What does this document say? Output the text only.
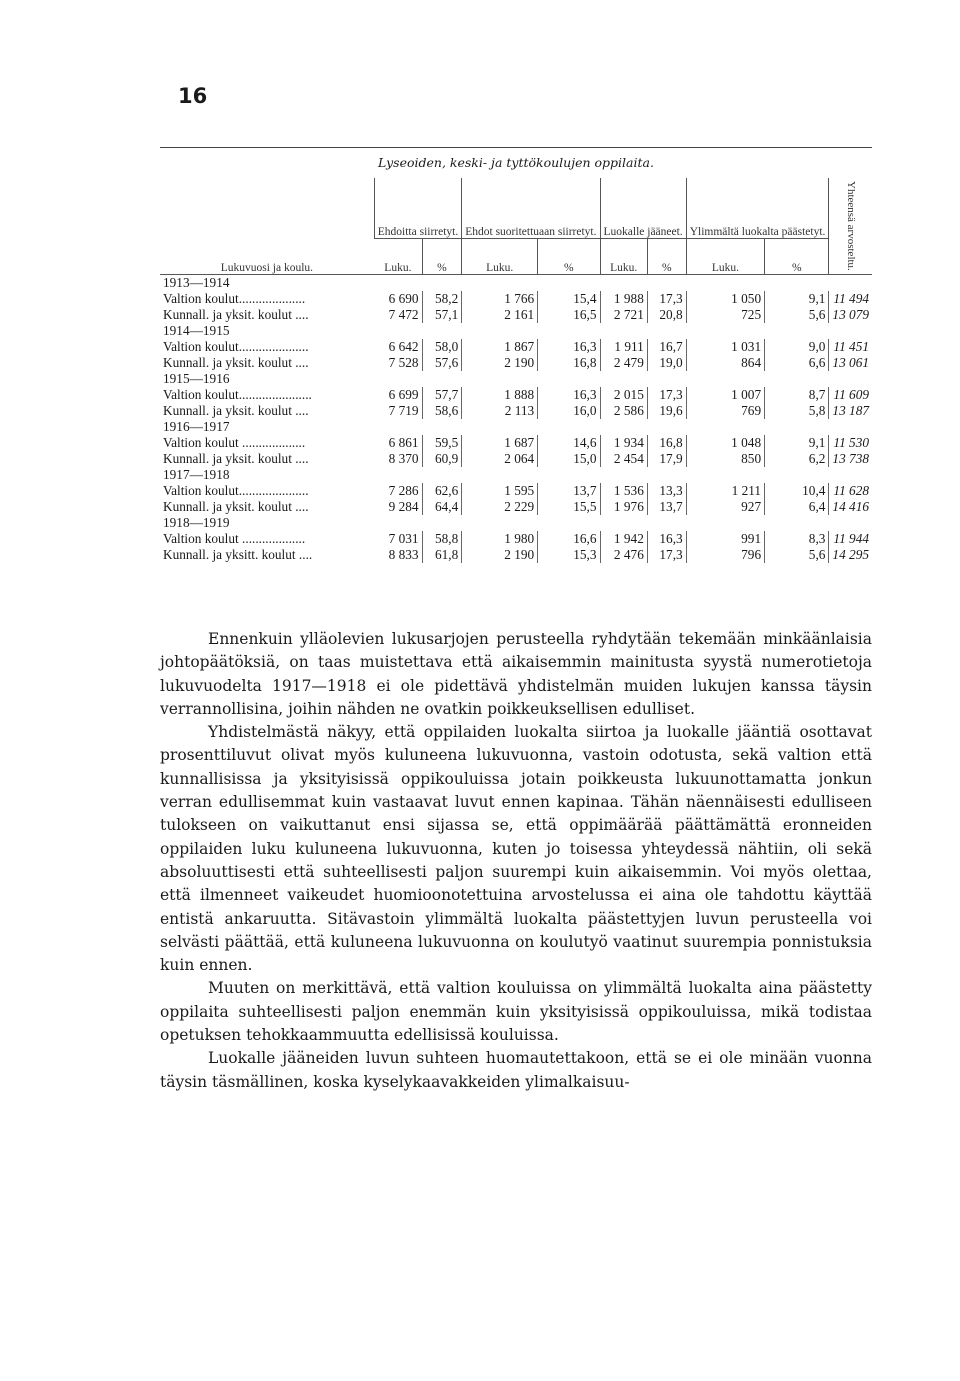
16
Lyseoiden, keski- ja tyttökoulujen oppilaita.
Lukuvuosi ja koulu.	Ehdoitta siirretyt.		Ehdot suoritettuaan siirretyt.		Luokalle jääneet.		Ylimmältä luokalta päästetyt.		Yhteensä arvosteltu.
	Luku.	%	Luku.	%	Luku.	%	Luku.	%	
1913—1914									
Valtion koulut....................	6 690	58,2	1 766	15,4	1 988	17,3	1 050	9,1	11 494
Kunnall. ja yksit. koulut ....	7 472	57,1	2 161	16,5	2 721	20,8	725	5,6	13 079
1914—1915									
Valtion koulut.....................	6 642	58,0	1 867	16,3	1 911	16,7	1 031	9,0	11 451
Kunnall. ja yksit. koulut ....	7 528	57,6	2 190	16,8	2 479	19,0	864	6,6	13 061
1915—1916									
Valtion koulut......................	6 699	57,7	1 888	16,3	2 015	17,3	1 007	8,7	11 609
Kunnall. ja yksit. koulut ....	7 719	58,6	2 113	16,0	2 586	19,6	769	5,8	13 187
1916—1917									
Valtion koulut ...................	6 861	59,5	1 687	14,6	1 934	16,8	1 048	9,1	11 530
Kunnall. ja yksit. koulut ....	8 370	60,9	2 064	15,0	2 454	17,9	850	6,2	13 738
1917—1918									
Valtion koulut.....................	7 286	62,6	1 595	13,7	1 536	13,3	1 211	10,4	11 628
Kunnall. ja yksit. koulut ....	9 284	64,4	2 229	15,5	1 976	13,7	927	6,4	14 416
1918—1919									
Valtion koulut ...................	7 031	58,8	1 980	16,6	1 942	16,3	991	8,3	11 944
Kunnall. ja yksitt. koulut ....	8 833	61,8	2 190	15,3	2 476	17,3	796	5,6	14 295

Ennenkuin ylläolevien lukusarjojen perusteella ryhdytään tekemään minkäänlaisia johtopäätöksiä, on taas muistettava että aikaisemmin mainitusta syystä numerotietoja lukuvuodelta 1917—1918 ei ole pidettävä yhdistelmän muiden lukujen kanssa täysin verrannollisina, joihin nähden ne ovatkin poikkeuksellisen edulliset.

Yhdistelmästä näkyy, että oppilaiden luokalta siirtoa ja luokalle jääntiä osottavat prosenttiluvut olivat myös kuluneena lukuvuonna, vastoin odotusta, sekä valtion että kunnallisissa ja yksityisissä oppikouluissa jotain poikkeusta lukuunottamatta jonkun verran edullisemmat kuin vastaavat luvut ennen kapinaa. Tähän näennäisesti edulliseen tulokseen on vaikuttanut ensi sijassa se, että oppimäärää päättämättä eronneiden oppilaiden luku kuluneena lukuvuonna, kuten jo toisessa yhteydessä nähtiin, oli sekä absoluuttisesti että suhteellisesti paljon suurempi kuin aikaisemmin. Voi myös olettaa, että ilmenneet vaikeudet huomioonotettuina arvostelussa ei aina ole tahdottu käyttää entistä ankaruutta. Sitävastoin ylimmältä luokalta päästettyjen luvun perusteella voi selvästi päättää, että kuluneena lukuvuonna on koulutyö vaatinut suurempia ponnistuksia kuin ennen.

Muuten on merkittävä, että valtion kouluissa on ylimmältä luokalta aina päästetty oppilaita suhteellisesti paljon enemmän kuin yksityisissä oppikouluissa, mikä todistaa opetuksen tehokkaammuutta edellisissä kouluissa.

Luokalle jääneiden luvun suhteen huomautettakoon, että se ei ole minään vuonna täysin täsmällinen, koska kyselykaavakkeiden ylimalkaisuu-
